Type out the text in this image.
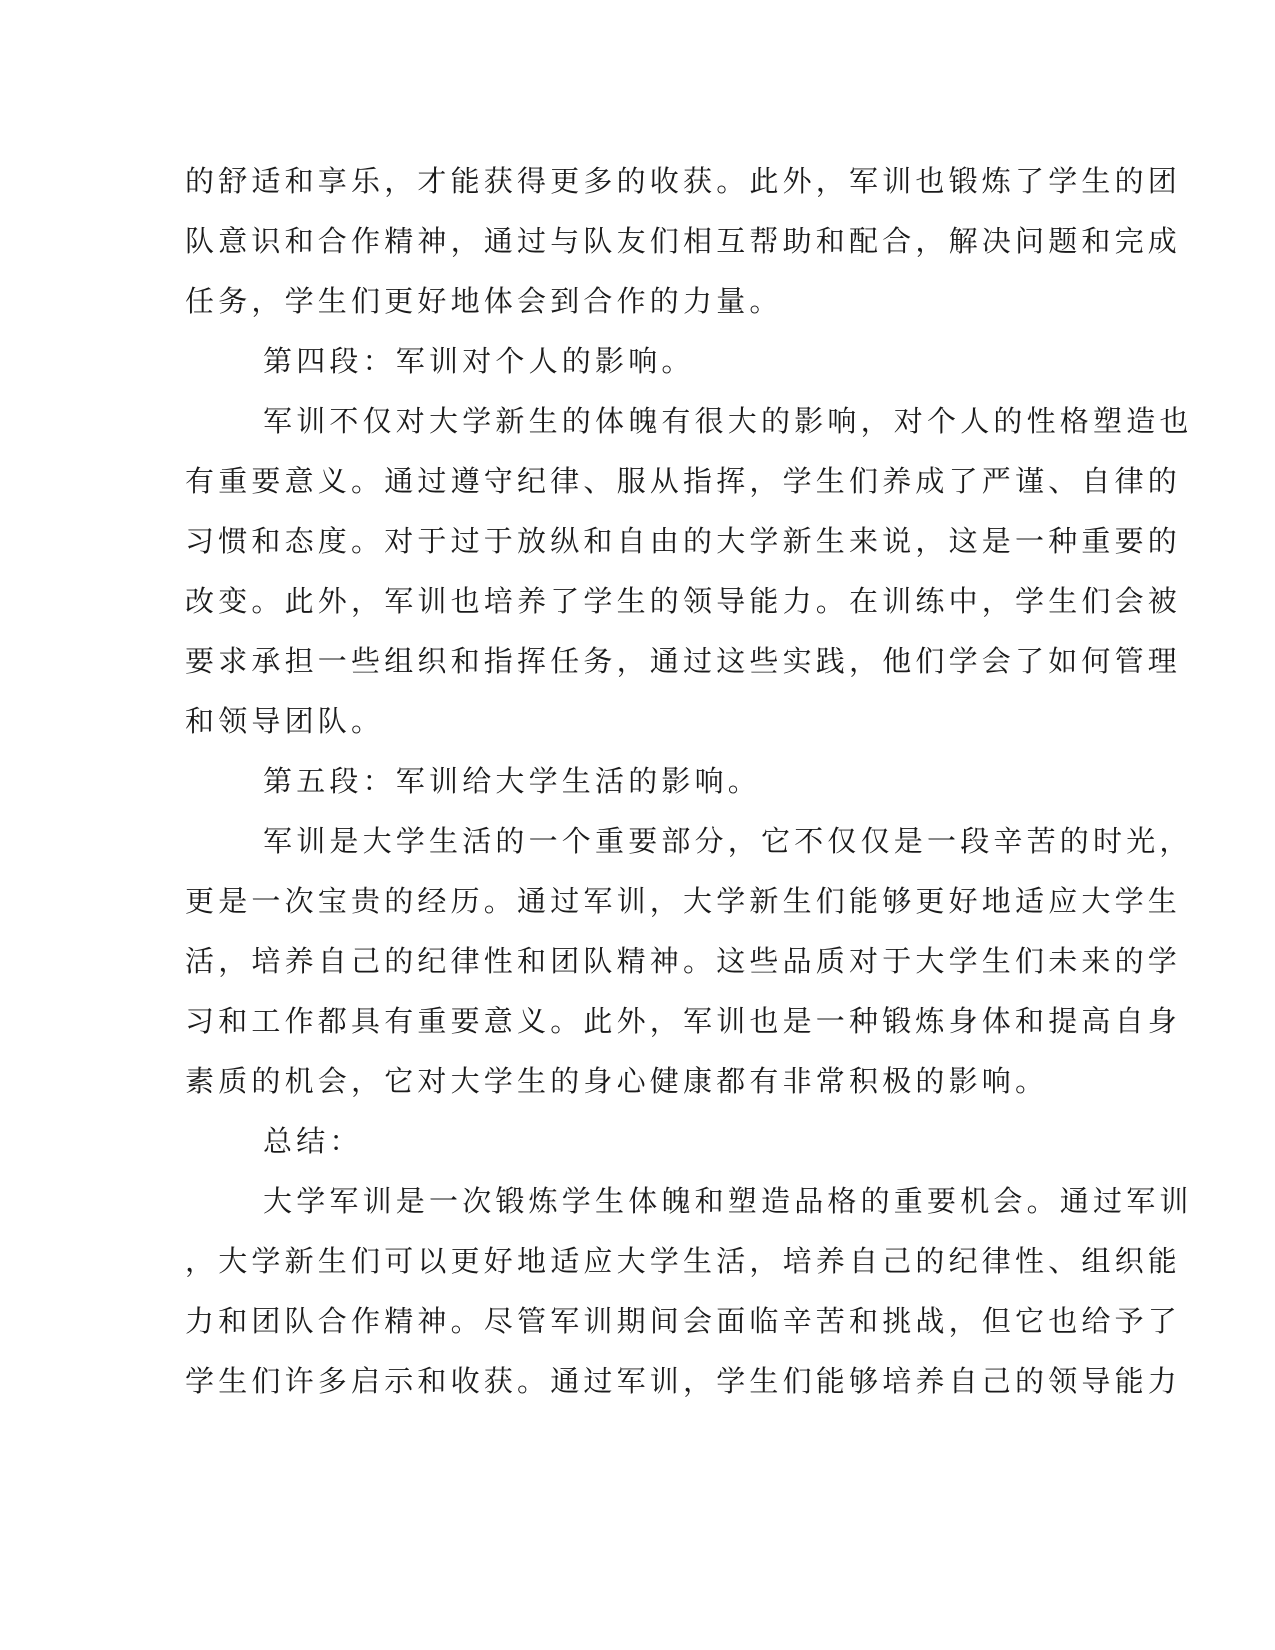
的舒适和享乐，才能获得更多的收获。此外，军训也锻炼了学生的团

队意识和合作精神，通过与队友们相互帮助和配合，解决问题和完成

任务，学生们更好地体会到合作的力量。

第四段：军训对个人的影响。

军训不仅对大学新生的体魄有很大的影响，对个人的性格塑造也

有重要意义。通过遵守纪律、服从指挥，学生们养成了严谨、自律的

习惯和态度。对于过于放纵和自由的大学新生来说，这是一种重要的

改变。此外，军训也培养了学生的领导能力。在训练中，学生们会被

要求承担一些组织和指挥任务，通过这些实践，他们学会了如何管理

和领导团队。

第五段：军训给大学生活的影响。

军训是大学生活的一个重要部分，它不仅仅是一段辛苦的时光，

更是一次宝贵的经历。通过军训，大学新生们能够更好地适应大学生

活，培养自己的纪律性和团队精神。这些品质对于大学生们未来的学

习和工作都具有重要意义。此外，军训也是一种锻炼身体和提高自身

素质的机会，它对大学生的身心健康都有非常积极的影响。

总结：

大学军训是一次锻炼学生体魄和塑造品格的重要机会。通过军训

，大学新生们可以更好地适应大学生活，培养自己的纪律性、组织能

力和团队合作精神。尽管军训期间会面临辛苦和挑战，但它也给予了

学生们许多启示和收获。通过军训，学生们能够培养自己的领导能力
